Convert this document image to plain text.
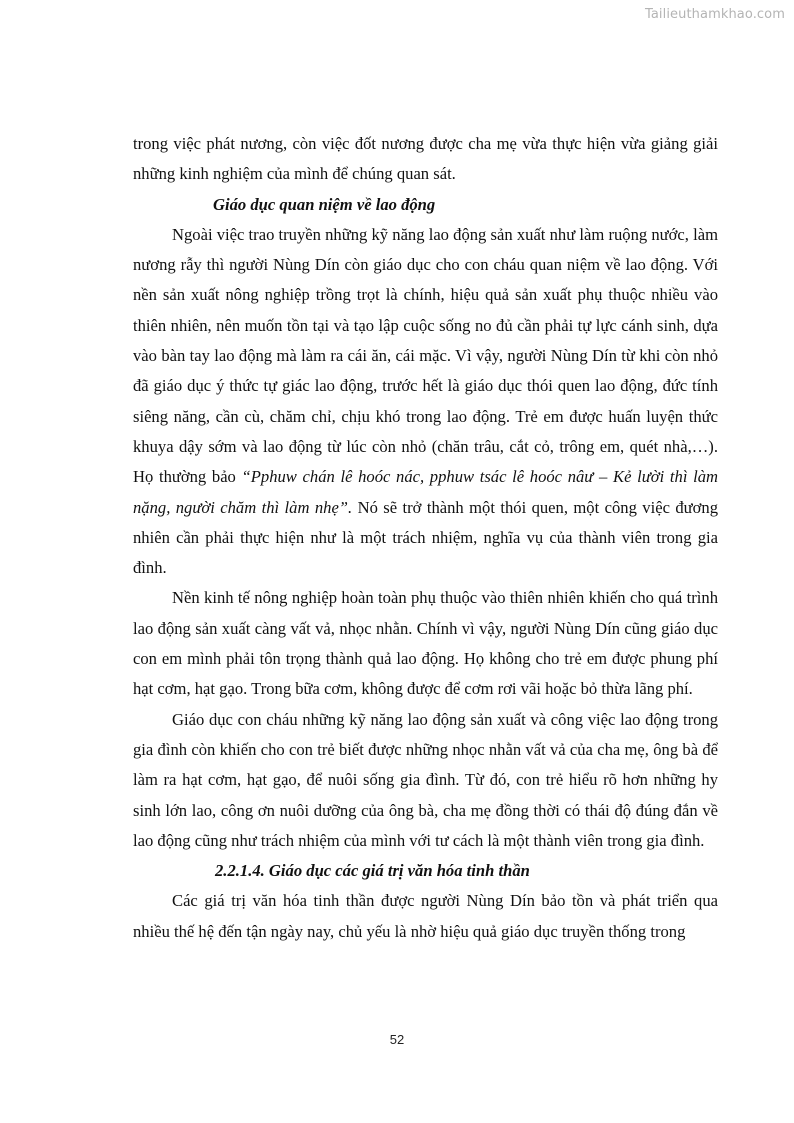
Tailieuthamkhao.com

trong việc phát nương, còn việc đốt nương được cha mẹ vừa thực hiện vừa giảng giải những kinh nghiệm của mình để chúng quan sát.

Giáo dục quan niệm về lao động

Ngoài việc trao truyền những kỹ năng lao động sản xuất như làm ruộng nước, làm nương rẫy thì người Nùng Dín còn giáo dục cho con cháu quan niệm về lao động. Với nền sản xuất nông nghiệp trồng trọt là chính, hiệu quả sản xuất phụ thuộc nhiều vào thiên nhiên, nên muốn tồn tại và tạo lập cuộc sống no đủ cần phải tự lực cánh sinh, dựa vào bàn tay lao động mà làm ra cái ăn, cái mặc. Vì vậy, người Nùng Dín từ khi còn nhỏ đã giáo dục ý thức tự giác lao động, trước hết là giáo dục thói quen lao động, đức tính siêng năng, cần cù, chăm chỉ, chịu khó trong lao động. Trẻ em được huấn luyện thức khuya dậy sớm và lao động từ lúc còn nhỏ (chăn trâu, cắt cỏ, trông em, quét nhà,…). Họ thường bảo “Pphuw chán lê hoóc nác, pphuw tsác lê hoóc nâư – Kẻ lười thì làm nặng, người chăm thì làm nhẹ”. Nó sẽ trở thành một thói quen, một công việc đương nhiên cần phải thực hiện như là một trách nhiệm, nghĩa vụ của thành viên trong gia đình.

Nền kinh tế nông nghiệp hoàn toàn phụ thuộc vào thiên nhiên khiến cho quá trình lao động sản xuất càng vất vả, nhọc nhằn. Chính vì vậy, người Nùng Dín cũng giáo dục con em mình phải tôn trọng thành quả lao động. Họ không cho trẻ em được phung phí hạt cơm, hạt gạo. Trong bữa cơm, không được để cơm rơi vãi hoặc bỏ thừa lãng phí.

Giáo dục con cháu những kỹ năng lao động sản xuất và công việc lao động trong gia đình còn khiến cho con trẻ biết được những nhọc nhằn vất vả của cha mẹ, ông bà để làm ra hạt cơm, hạt gạo, để nuôi sống gia đình. Từ đó, con trẻ hiểu rõ hơn những hy sinh lớn lao, công ơn nuôi dưỡng của ông bà, cha mẹ đồng thời có thái độ đúng đắn về lao động cũng như trách nhiệm của mình với tư cách là một thành viên trong gia đình.

2.2.1.4. Giáo dục các giá trị văn hóa tinh thần

Các giá trị văn hóa tinh thần được người Nùng Dín bảo tồn và phát triển qua nhiều thế hệ đến tận ngày nay, chủ yếu là nhờ hiệu quả giáo dục truyền thống trong

52
